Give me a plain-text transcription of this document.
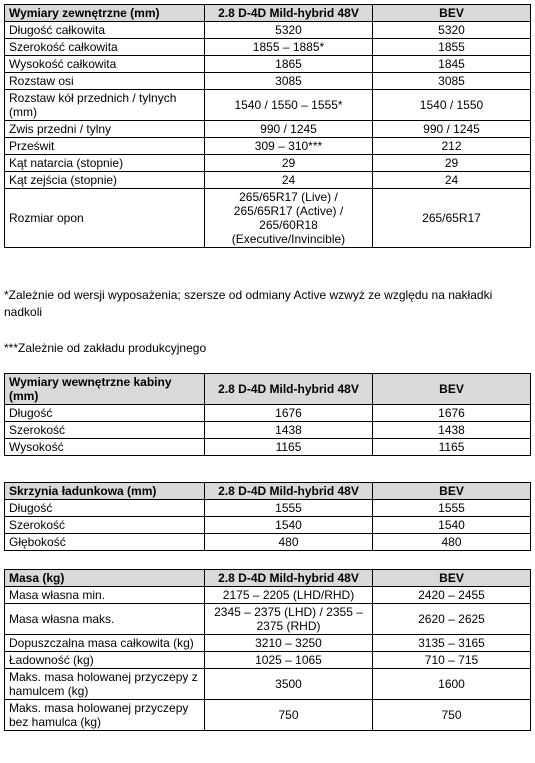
Wymiary zewnętrzne (mm)	2.8 D-4D Mild-hybrid 48V	BEV
Długość całkowita	5320	5320
Szerokość całkowita	1855 – 1885*	1855
Wysokość całkowita	1865	1845
Rozstaw osi	3085	3085
Rozstaw kół przednich / tylnych (mm)	1540 / 1550 – 1555*	1540 / 1550
Zwis przedni / tylny	990 / 1245	990 / 1245
Prześwit	309 – 310***	212
Kąt natarcia (stopnie)	29	29
Kąt zejścia (stopnie)	24	24
Rozmiar opon	265/65R17 (Live) / 265/65R17 (Active) / 265/60R18 (Executive/Invincible)	265/65R17

*Zależnie od wersji wyposażenia; szersze od odmiany Active wzwyż ze względu na nakładki nadkoli

***Zależnie od zakładu produkcyjnego

Wymiary wewnętrzne kabiny (mm)	2.8 D-4D Mild-hybrid 48V	BEV
Długość	1676	1676
Szerokość	1438	1438
Wysokość	1165	1165
Skrzynia ładunkowa (mm)	2.8 D-4D Mild-hybrid 48V	BEV
Długość	1555	1555
Szerokość	1540	1540
Głębokość	480	480
Masa (kg)	2.8 D-4D Mild-hybrid 48V	BEV
Masa własna min.	2175 – 2205 (LHD/RHD)	2420 – 2455
Masa własna maks.	2345 – 2375 (LHD) / 2355 – 2375 (RHD)	2620 – 2625
Dopuszczalna masa całkowita (kg)	3210 – 3250	3135 – 3165
Ładowność (kg)	1025 – 1065	710 – 715
Maks. masa holowanej przyczepy z hamulcem (kg)	3500	1600
Maks. masa holowanej przyczepy bez hamulca (kg)	750	750
